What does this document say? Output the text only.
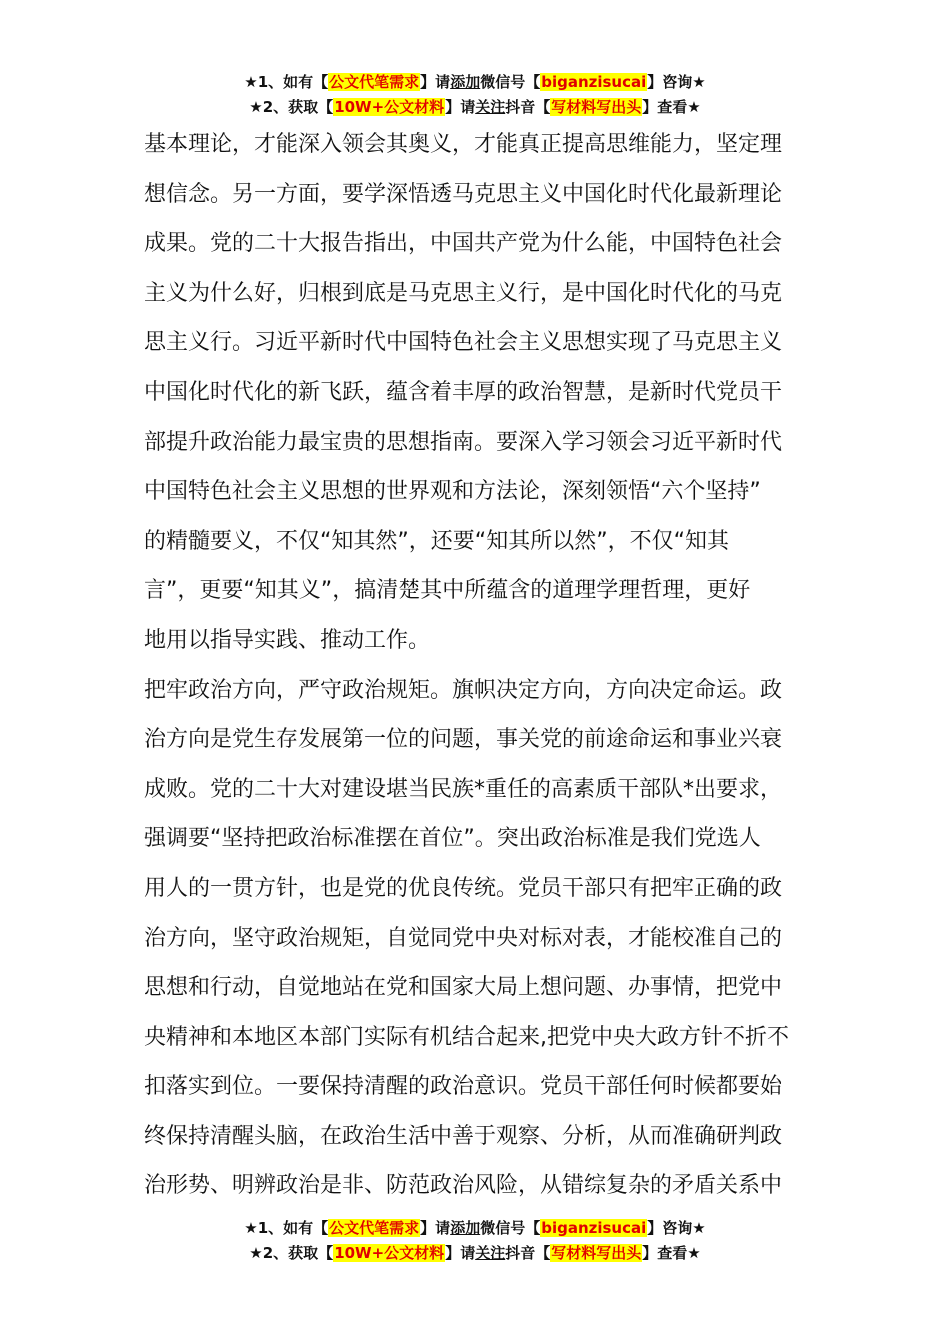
★1、如有【公文代笔需求】请添加微信号【biganzisucai】咨询★
★2、获取【10W+公文材料】请关注抖音【写材料写出头】查看★
基本理论，才能深入领会其奥义，才能真正提高思维能力，坚定理
想信念。另一方面，要学深悟透马克思主义中国化时代化最新理论
成果。党的二十大报告指出，中国共产党为什么能，中国特色社会
主义为什么好，归根到底是马克思主义行，是中国化时代化的马克
思主义行。习近平新时代中国特色社会主义思想实现了马克思主义
中国化时代化的新飞跃，蕴含着丰厚的政治智慧，是新时代党员干
部提升政治能力最宝贵的思想指南。要深入学习领会习近平新时代
中国特色社会主义思想的世界观和方法论，深刻领悟“六个坚持”
的精髓要义，不仅“知其然”，还要“知其所以然”，不仅“知其
言”，更要“知其义”，搞清楚其中所蕴含的道理学理哲理，更好
地用以指导实践、推动工作。
把牢政治方向，严守政治规矩。旗帜决定方向，方向决定命运。政
治方向是党生存发展第一位的问题，事关党的前途命运和事业兴衰
成败。党的二十大对建设堪当民族*重任的高素质干部队*出要求，
强调要“坚持把政治标准摆在首位”。突出政治标准是我们党选人
用人的一贯方针，也是党的优良传统。党员干部只有把牢正确的政
治方向，坚守政治规矩，自觉同党中央对标对表，才能校准自己的
思想和行动，自觉地站在党和国家大局上想问题、办事情，把党中
央精神和本地区本部门实际有机结合起来,把党中央大政方针不折不
扣落实到位。一要保持清醒的政治意识。党员干部任何时候都要始
终保持清醒头脑，在政治生活中善于观察、分析，从而准确研判政
治形势、明辨政治是非、防范政治风险，从错综复杂的矛盾关系中
★1、如有【公文代笔需求】请添加微信号【biganzisucai】咨询★
★2、获取【10W+公文材料】请关注抖音【写材料写出头】查看★
